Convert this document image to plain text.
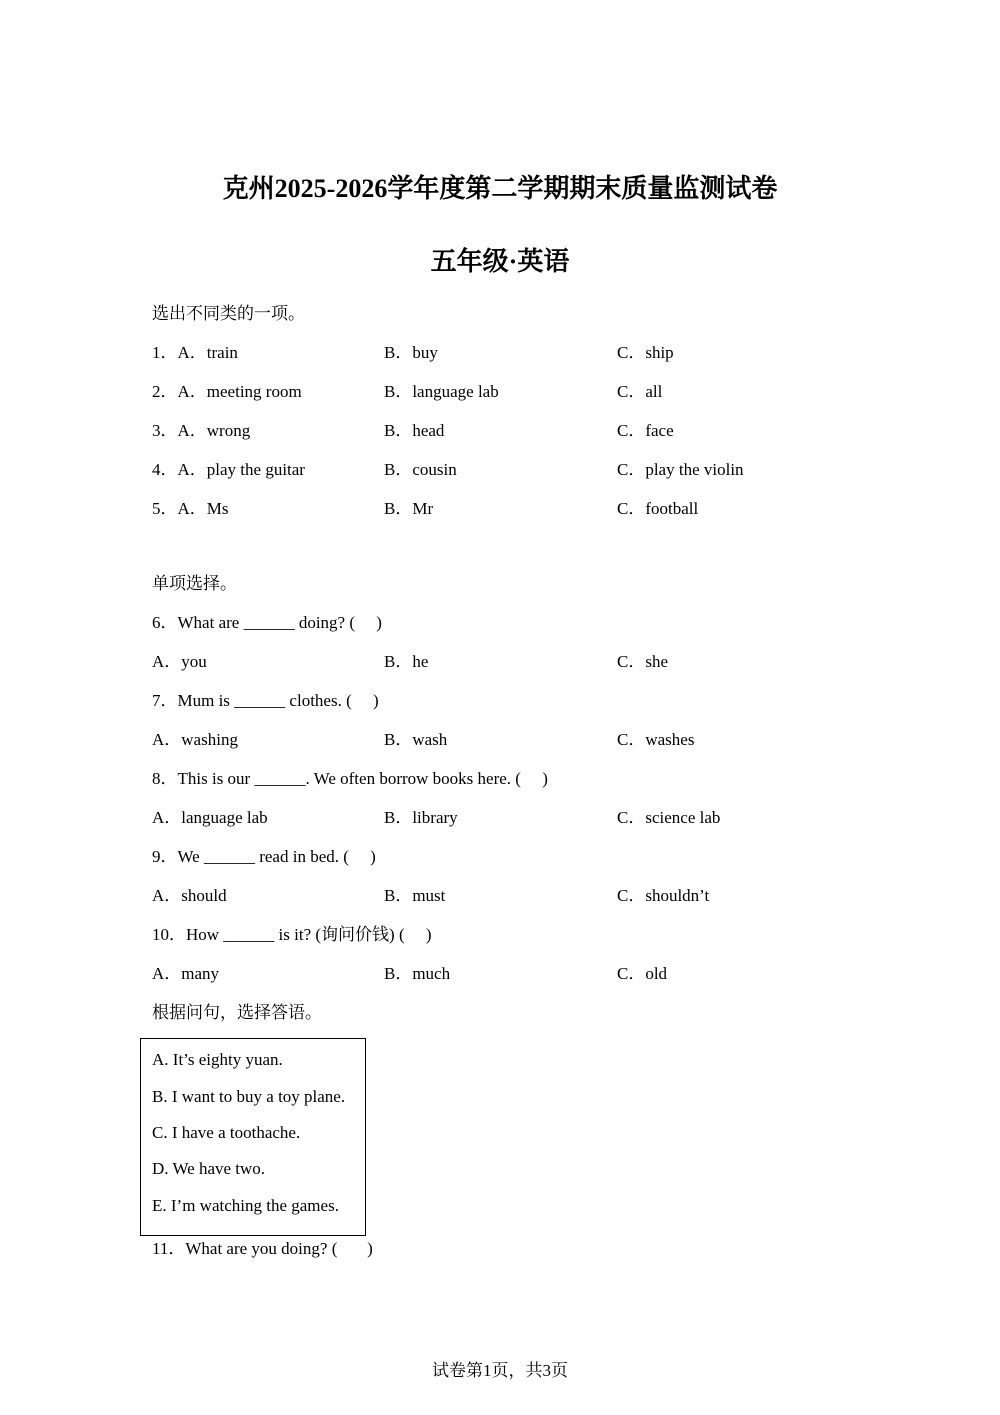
克州2025-2026学年度第二学期期末质量监测试卷
五年级·英语
选出不同类的一项。
1．A．train	B．buy	C．ship
2．A．meeting room	B．language lab	C．all
3．A．wrong	B．head	C．face
4．A．play the guitar	B．cousin	C．play the violin
5．A．Ms	B．Mr	C．football
单项选择。
6．What are ______ doing? (     )
A．you	B．he	C．she
7．Mum is ______ clothes. (     )
A．washing	B．wash	C．washes
8．This is our ______. We often borrow books here. (     )
A．language lab	B．library	C．science lab
9．We ______ read in bed. (     )
A．should	B．must	C．shouldn’t
10．How ______ is it? (询问价钱) (     )
A．many	B．much	C．old
根据问句，选择答语。
A. It’s eighty yuan.
B. I want to buy a toy plane.
C. I have a toothache.
D. We have two.
E. I’m watching the games.
11．What are you doing? (       )
试卷第1页，共3页
